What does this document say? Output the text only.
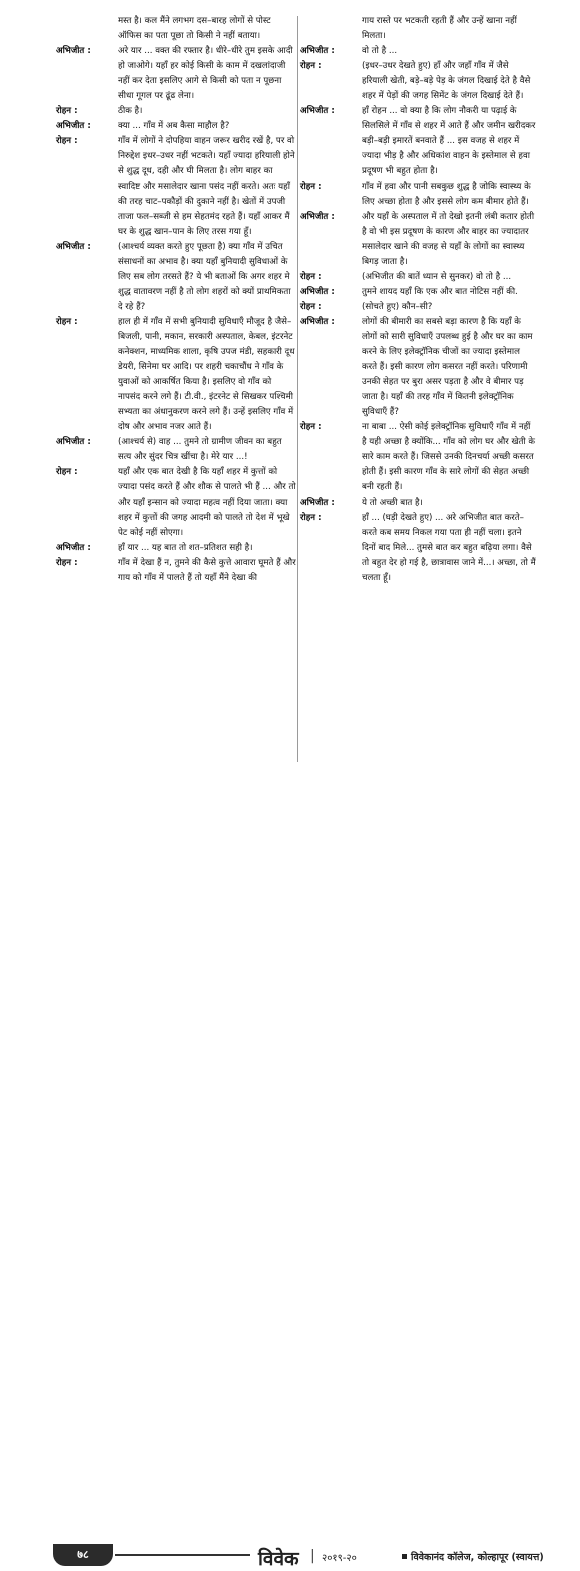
मस्त है। कल मैंने लगभग दस–बारह लोगों से पोस्ट ऑफिस का पता पूछा तो किसी ने नहीं बताया।
अभिजीत :	अरे यार ... वक्त की रफ्तार है। धीरे–धीरे तुम इसके आदी हो जाओगे। यहाँ हर कोई किसी के काम में दखलांदाजी नहीं कर देता इसलिए आगे से किसी को पता न पूछना सीधा गूगल पर ढूंढ लेना।
रोहन :	ठीक है।
अभिजीत :	क्या ... गाँव में अब कैसा माहौल है?
रोहन :	गाँव में लोगों ने दोपहिया वाहन जरूर खरीद रखें है, पर वो निरुद्देश इधर–उधर नहीं भटकते। यहाँ ज्यादा हरियाली होने से शुद्ध दूध, दही और घी मिलता है। लोग बाहर का स्वादिष्ट और मसालेदार खाना पसंद नहीं करते। अतः यहाँ की तरह चाट–पकौड़ों की दुकाने नहीं है। खेतों में उपजी ताजा फल–सब्जी से हम सेहतमंद रहते हैं। यहाँ आकर मैं घर के शुद्ध खान–पान के लिए तरस गया हूँ।
अभिजीत :	(आश्चर्य व्यक्त करते हुए पूछता है) क्या गाँव में उचित संसाधनों का अभाव है। क्या यहाँ बुनियादी सुविधाओं के लिए सब लोग तरसते हैं? ये भी बताओं कि अगर शहर मे शुद्ध वातावरण नहीं है तो लोग शहरों को क्यों प्राथमिकता दे रहे हैं?
रोहन :	हाल ही में गाँव में सभी बुनियादी सुविधाएँ मौजूद है जैसे– बिजली, पानी, मकान, सरकारी अस्पताल, केबल, इंटरनेट कनेक्शन, माध्यमिक शाला, कृषि उपज मंडी, सहकारी दूध डेयरी, सिनेमा घर आदि। पर शहरी चकाचौंध ने गाँव के युवाओं को आकर्षित किया है। इसलिए वो गाँव को नापसंद करने लगे हैं। टी.वी., इंटरनेट से सिखकर पश्चिमी सभ्यता का अंधानुकरण करने लगे हैं। उन्हें इसलिए गाँव में दोष और अभाव नजर आते हैं।
अभिजीत :	(आश्चर्य से) वाह ... तुमने तो ग्रामीण जीवन का बहुत सत्य और सुंदर चित्र खींचा है। मेरे यार ...!
रोहन :	यहाँ और एक बात देखी है कि यहाँ शहर में कुत्तों को ज्यादा पसंद करते हैं और शौक से पालते भी हैं ... और तो और यहाँ इन्सान को ज्यादा महत्व नहीं दिया जाता। क्या शहर में कुत्तों की जगह आदमी को पालते तो देश में भूखे पेट कोई नहीं सोएगा।
अभिजीत :	हाँ यार ... यह बात तो शत–प्रतिशत सही है।
रोहन :	गाँव में देखा हैं न, तुमने की कैसे कुत्ते आवारा घूमते हैं और गाय को गाँव में पालते हैं तो यहाँ मैंने देखा की
गाय रास्ते पर भटकती रहती हैं और उन्हें खाना नहीं मिलता।
अभिजीत :	वो तो है ...
रोहन :	(इधर–उधर देखते हुए) हाँ और जहाँ गाँव में जैसे हरियाली खेती, बड़े–बड़े पेड़ के जंगल दिखाई देते है वैसे शहर में पेड़ों की जगह सिमेंट के जंगल दिखाई देते हैं।
अभिजीत :	हाँ रोहन ... वो क्या है कि लोग नौकरी या पढ़ाई के सिलसिले में गाँव से शहर में आते हैं और जमीन खरीदकर बड़ी–बड़ी इमारतें बनवाते हैं ... इस वजह से शहर में ज्यादा भीड़ है और अधिकांश वाहन के इस्तेमाल से हवा प्रदूषण भी बहुत होता है।
रोहन :	गाँव में हवा और पानी सबकुछ शुद्ध है जोकि स्वास्थ्य के लिए अच्छा होता है और इससे लोग कम बीमार होते हैं।
अभिजीत :	और यहाँ के अस्पताल में तो देखो इतनी लंबी कतार होती है वो भी इस प्रदूषण के कारण और बाहर का ज्यादातर मसालेदार खाने की वजह से यहाँ के लोगों का स्वास्थ्य बिगड़ जाता है।
रोहन :	(अभिजीत की बातें ध्यान से सुनकर) वो तो है ...
अभिजीत :	तुमने शायद यहाँ कि एक और बात नोटिस नहीं की.
रोहन :	(सोचते हुए) कौन–सी?
अभिजीत :	लोगों की बीमारी का सबसे बड़ा कारण है कि यहाँ के लोगों को सारी सुविधाएँ उपलब्ध हुई है और घर का काम करने के लिए इलेक्ट्रॉनिक चीजों का ज्यादा इस्तेमाल करते हैं। इसी कारण लोग कसरत नहीं करते। परिणामी उनकी सेहत पर बुरा असर पड़ता है और वे बीमार पड़ जाता है। यहाँ की तरह गाँव में कितनी इलेक्ट्रॉनिक सुविधाएँ हैं?
रोहन :	ना बाबा ... ऐसी कोई इलेक्ट्रॉनिक सुविधाएँ गाँव में नहीं है यही अच्छा है क्योंकि... गाँव को लोग घर और खेती के सारे काम करते हैं। जिससे उनकी दिनचर्या अच्छी कसरत होती हैं। इसी कारण गाँव के सारे लोगों की सेहत अच्छी बनी रहती हैं।
अभिजीत :	ये तो अच्छी बात है।
रोहन :	हाँ ... (घड़ी देखते हुए) ... अरे अभिजीत बात करते–करते कब समय निकल गया पता ही नहीं चला। इतने दिनों बाद मिले... तुमसे बात कर बहुत बढ़िया लगा। वैसे तो बहुत देर हो गई है, छात्रावास जाने में...। अच्छा, तो मैं चलता हूँ।
७८	विवेक | २०१९-२०	विवेकानंद कॉलेज, कोल्हापूर (स्वायत्त)
